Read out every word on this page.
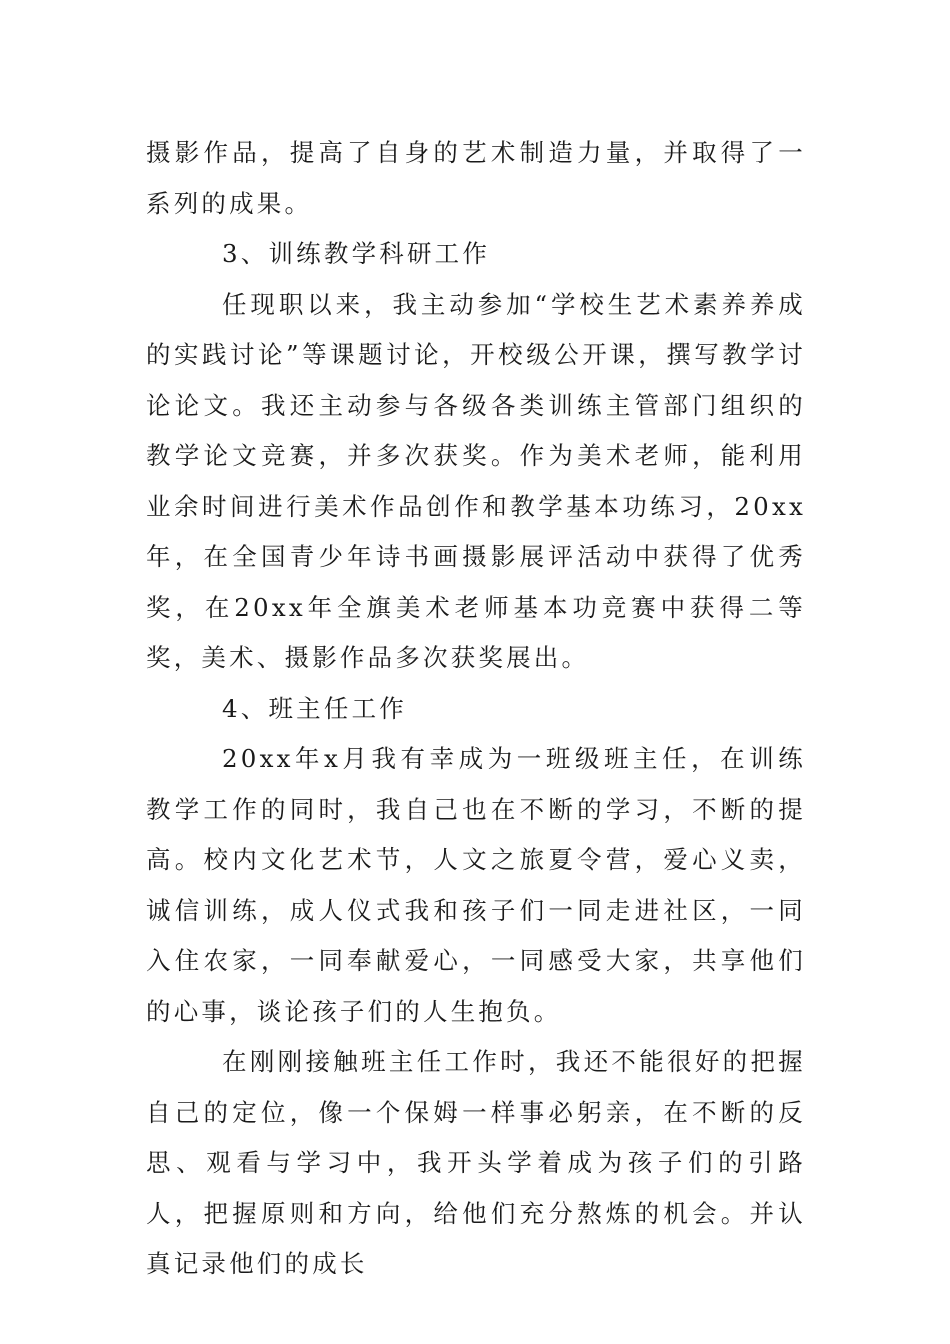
摄影作品，提高了自身的艺术制造力量，并取得了一系列的成果。

3、训练教学科研工作

任现职以来，我主动参加“学校生艺术素养养成的实践讨论”等课题讨论，开校级公开课，撰写教学讨论论文。我还主动参与各级各类训练主管部门组织的教学论文竞赛，并多次获奖。作为美术老师，能利用业余时间进行美术作品创作和教学基本功练习，20xx年，在全国青少年诗书画摄影展评活动中获得了优秀奖，在20xx年全旗美术老师基本功竞赛中获得二等奖，美术、摄影作品多次获奖展出。

4、班主任工作

20xx年x月我有幸成为一班级班主任，在训练教学工作的同时，我自己也在不断的学习，不断的提高。校内文化艺术节，人文之旅夏令营，爱心义卖，诚信训练，成人仪式我和孩子们一同走进社区，一同入住农家，一同奉献爱心，一同感受大家，共享他们的心事，谈论孩子们的人生抱负。

在刚刚接触班主任工作时，我还不能很好的把握自己的定位，像一个保姆一样事必躬亲，在不断的反思、观看与学习中，我开头学着成为孩子们的引路人，把握原则和方向，给他们充分熬炼的机会。并认真记录他们的成长
